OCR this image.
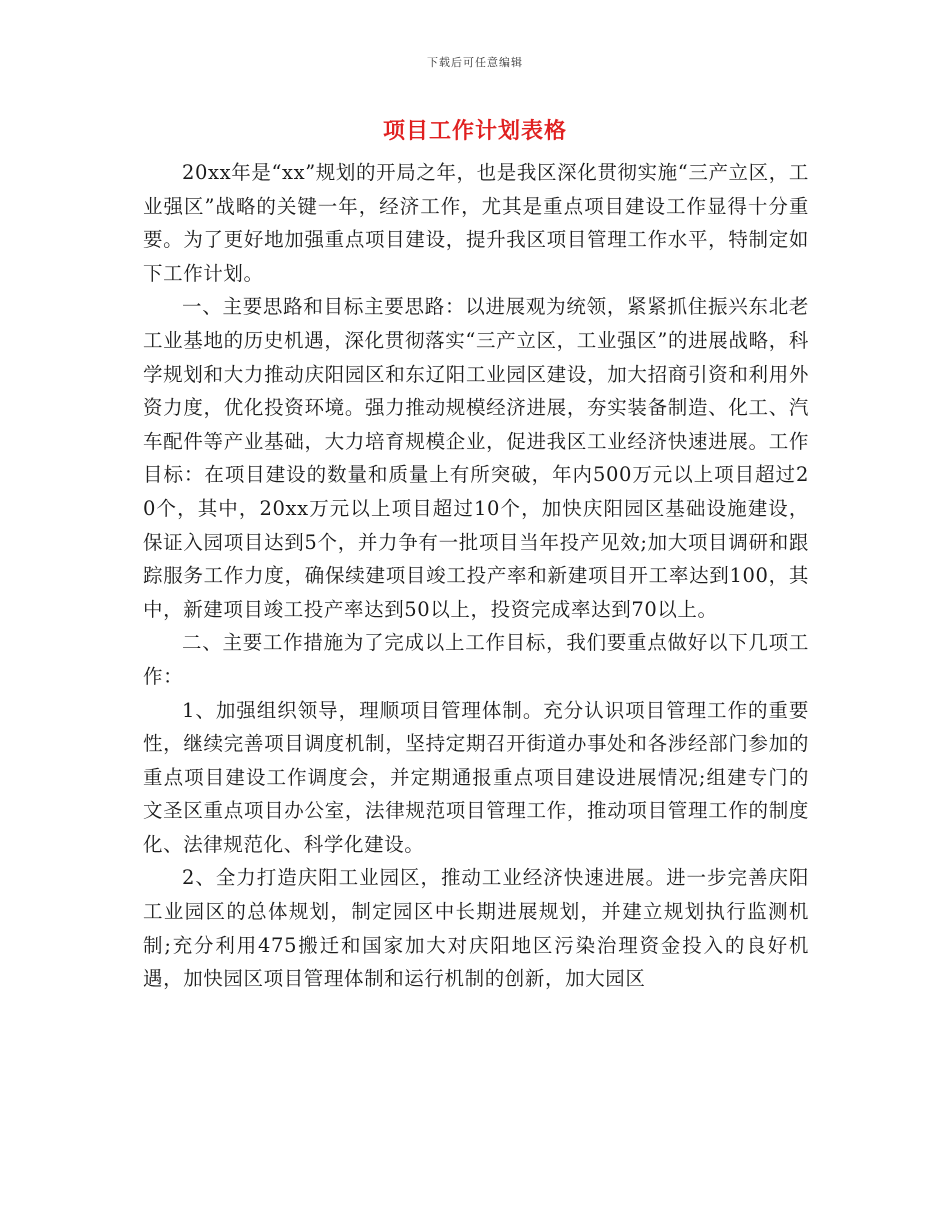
下载后可任意编辑
项目工作计划表格

20xx年是“xx”规划的开局之年，也是我区深化贯彻实施“三产立区，工业强区”战略的关键一年，经济工作，尤其是重点项目建设工作显得十分重要。为了更好地加强重点项目建设，提升我区项目管理工作水平，特制定如下工作计划。

一、主要思路和目标主要思路：以进展观为统领，紧紧抓住振兴东北老工业基地的历史机遇，深化贯彻落实“三产立区，工业强区”的进展战略，科学规划和大力推动庆阳园区和东辽阳工业园区建设，加大招商引资和利用外资力度，优化投资环境。强力推动规模经济进展，夯实装备制造、化工、汽车配件等产业基础，大力培育规模企业，促进我区工业经济快速进展。工作目标：在项目建设的数量和质量上有所突破，年内500万元以上项目超过20个，其中，20xx万元以上项目超过10个，加快庆阳园区基础设施建设，保证入园项目达到5个，并力争有一批项目当年投产见效;加大项目调研和跟踪服务工作力度，确保续建项目竣工投产率和新建项目开工率达到100，其中，新建项目竣工投产率达到50以上，投资完成率达到70以上。

二、主要工作措施为了完成以上工作目标，我们要重点做好以下几项工作：

1、加强组织领导，理顺项目管理体制。充分认识项目管理工作的重要性，继续完善项目调度机制，坚持定期召开街道办事处和各涉经部门参加的重点项目建设工作调度会，并定期通报重点项目建设进展情况;组建专门的文圣区重点项目办公室，法律规范项目管理工作，推动项目管理工作的制度化、法律规范化、科学化建设。

2、全力打造庆阳工业园区，推动工业经济快速进展。进一步完善庆阳工业园区的总体规划，制定园区中长期进展规划，并建立规划执行监测机制;充分利用475搬迁和国家加大对庆阳地区污染治理资金投入的良好机遇，加快园区项目管理体制和运行机制的创新，加大园区
